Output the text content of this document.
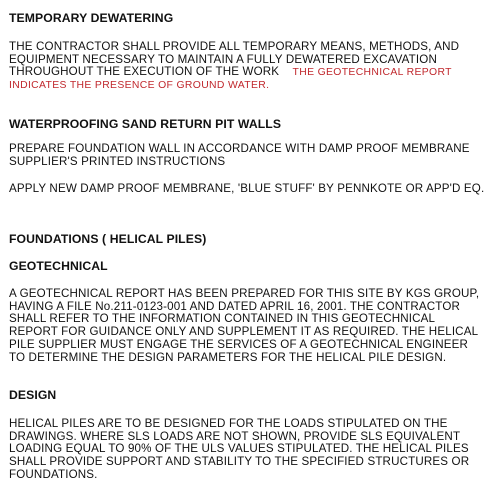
TEMPORARY DEWATERING
THE CONTRACTOR SHALL PROVIDE ALL TEMPORARY MEANS, METHODS, AND
EQUIPMENT NECESSARY TO MAINTAIN A FULLY DEWATERED EXCAVATION
THROUGHOUT THE EXECUTION OF THE WORK THE GEOTECHNICAL REPORT
INDICATES THE PRESENCE OF GROUND WATER.
WATERPROOFING SAND RETURN PIT WALLS
PREPARE FOUNDATION WALL IN ACCORDANCE WITH DAMP PROOF MEMBRANE
SUPPLIER'S PRINTED INSTRUCTIONS
APPLY NEW DAMP PROOF MEMBRANE, 'BLUE STUFF' BY PENNKOTE OR APP'D EQ.
FOUNDATIONS ( HELICAL PILES)
GEOTECHNICAL
A GEOTECHNICAL REPORT HAS BEEN PREPARED FOR THIS SITE BY KGS GROUP,
HAVING A FILE No.211-0123-001 AND DATED APRIL 16, 2001. THE CONTRACTOR
SHALL REFER TO THE INFORMATION CONTAINED IN THIS GEOTECHNICAL
REPORT FOR GUIDANCE ONLY AND SUPPLEMENT IT AS REQUIRED. THE HELICAL
PILE SUPPLIER MUST ENGAGE THE SERVICES OF A GEOTECHNICAL ENGINEER
TO DETERMINE THE DESIGN PARAMETERS FOR THE HELICAL PILE DESIGN.
DESIGN
HELICAL PILES ARE TO BE DESIGNED FOR THE LOADS STIPULATED ON THE
DRAWINGS. WHERE SLS LOADS ARE NOT SHOWN, PROVIDE SLS EQUIVALENT
LOADING EQUAL TO 90% OF THE ULS VALUES STIPULATED. THE HELICAL PILES
SHALL PROVIDE SUPPORT AND STABILITY TO THE SPECIFIED STRUCTURES OR
FOUNDATIONS.
